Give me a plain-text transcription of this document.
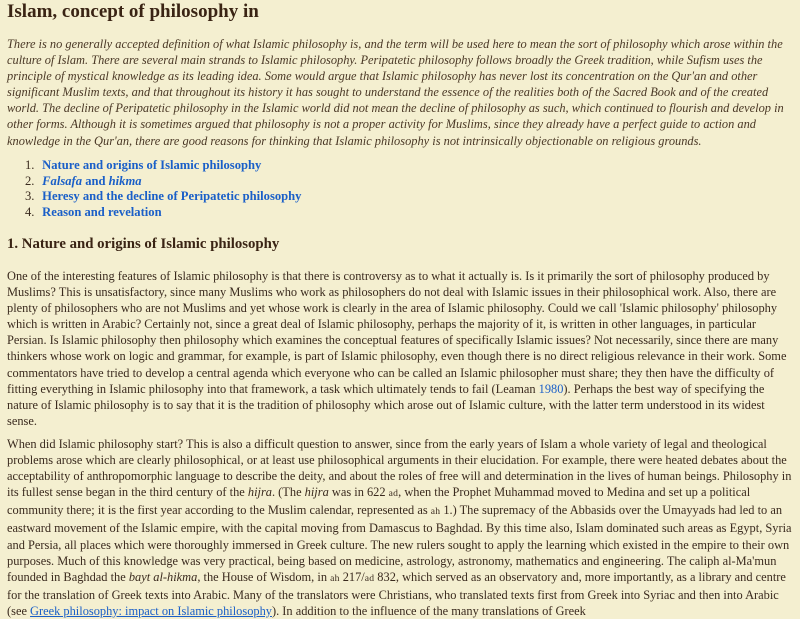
Islam, concept of philosophy in

There is no generally accepted definition of what Islamic philosophy is, and the term will be used here to mean the sort of philosophy which arose within the culture of Islam. There are several main strands to Islamic philosophy. Peripatetic philosophy follows broadly the Greek tradition, while Sufism uses the principle of mystical knowledge as its leading idea. Some would argue that Islamic philosophy has never lost its concentration on the Qur'an and other significant Muslim texts, and that throughout its history it has sought to understand the essence of the realities both of the Sacred Book and of the created world. The decline of Peripatetic philosophy in the Islamic world did not mean the decline of philosophy as such, which continued to flourish and develop in other forms. Although it is sometimes argued that philosophy is not a proper activity for Muslims, since they already have a perfect guide to action and knowledge in the Qur'an, there are good reasons for thinking that Islamic philosophy is not intrinsically objectionable on religious grounds.

1. Nature and origins of Islamic philosophy
2. Falsafa and hikma
3. Heresy and the decline of Peripatetic philosophy
4. Reason and revelation
1. Nature and origins of Islamic philosophy

One of the interesting features of Islamic philosophy is that there is controversy as to what it actually is. Is it primarily the sort of philosophy produced by Muslims? This is unsatisfactory, since many Muslims who work as philosophers do not deal with Islamic issues in their philosophical work. Also, there are plenty of philosophers who are not Muslims and yet whose work is clearly in the area of Islamic philosophy. Could we call 'Islamic philosophy' philosophy which is written in Arabic? Certainly not, since a great deal of Islamic philosophy, perhaps the majority of it, is written in other languages, in particular Persian. Is Islamic philosophy then philosophy which examines the conceptual features of specifically Islamic issues? Not necessarily, since there are many thinkers whose work on logic and grammar, for example, is part of Islamic philosophy, even though there is no direct religious relevance in their work. Some commentators have tried to develop a central agenda which everyone who can be called an Islamic philosopher must share; they then have the difficulty of fitting everything in Islamic philosophy into that framework, a task which ultimately tends to fail (Leaman 1980). Perhaps the best way of specifying the nature of Islamic philosophy is to say that it is the tradition of philosophy which arose out of Islamic culture, with the latter term understood in its widest sense.

When did Islamic philosophy start? This is also a difficult question to answer, since from the early years of Islam a whole variety of legal and theological problems arose which are clearly philosophical, or at least use philosophical arguments in their elucidation. For example, there were heated debates about the acceptability of anthropomorphic language to describe the deity, and about the roles of free will and determination in the lives of human beings. Philosophy in its fullest sense began in the third century of the hijra. (The hijra was in 622 ad, when the Prophet Muhammad moved to Medina and set up a political community there; it is the first year according to the Muslim calendar, represented as ah 1.) The supremacy of the Abbasids over the Umayyads had led to an eastward movement of the Islamic empire, with the capital moving from Damascus to Baghdad. By this time also, Islam dominated such areas as Egypt, Syria and Persia, all places which were thoroughly immersed in Greek culture. The new rulers sought to apply the learning which existed in the empire to their own purposes. Much of this knowledge was very practical, being based on medicine, astrology, astronomy, mathematics and engineering. The caliph al-Ma'mun founded in Baghdad the bayt al-hikma, the House of Wisdom, in ah 217/ad 832, which served as an observatory and, more importantly, as a library and centre for the translation of Greek texts into Arabic. Many of the translators were Christians, who translated texts first from Greek into Syriac and then into Arabic (see Greek philosophy: impact on Islamic philosophy). In addition to the influence of the many translations of Greek
